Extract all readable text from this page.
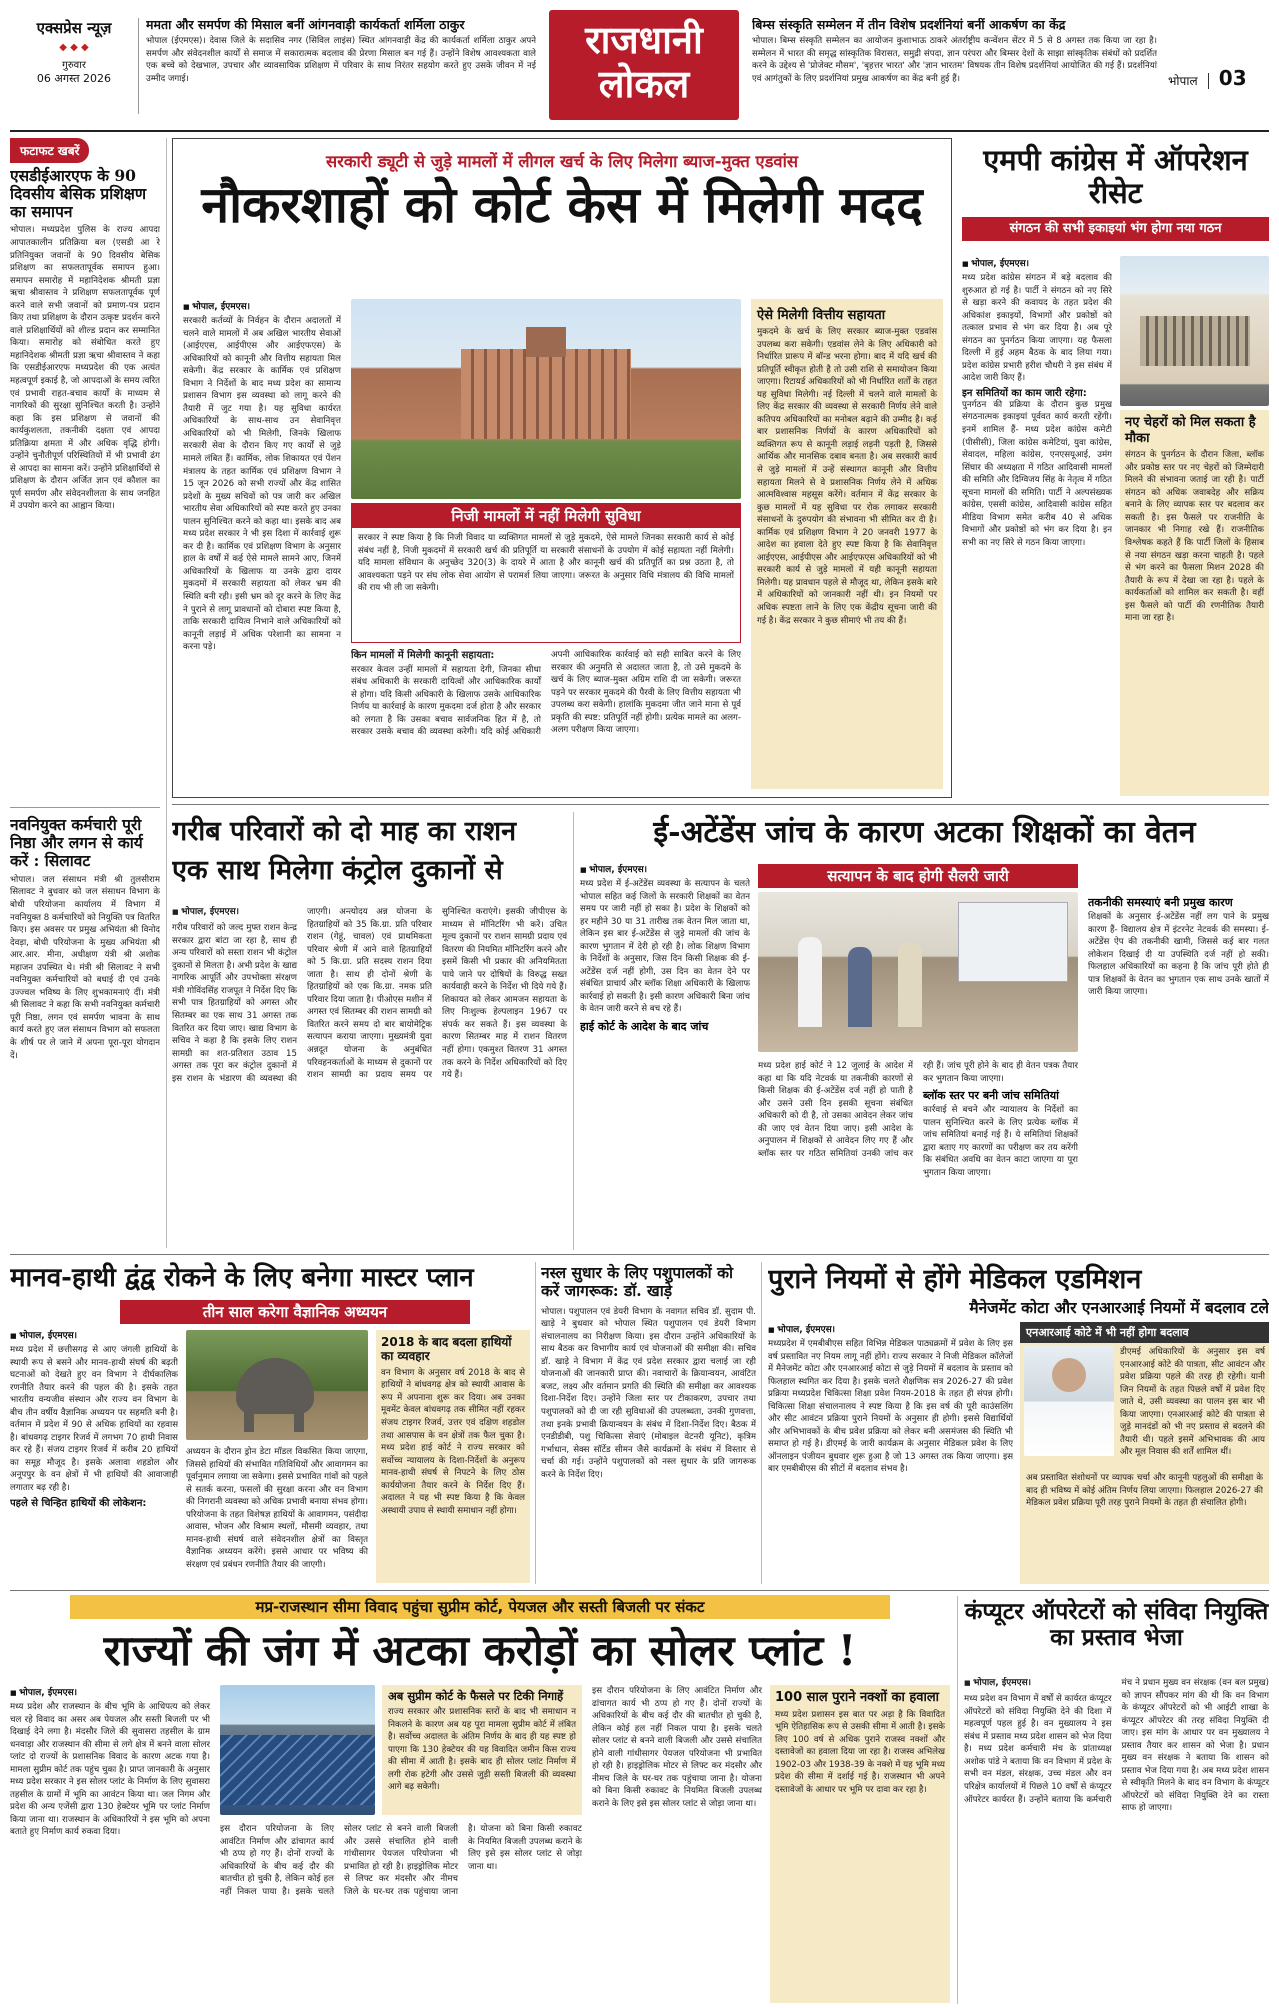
एक्सप्रेस न्यूज़
◆ ◆ ◆
गुरुवार
06 अगस्त 2026
ममता और समर्पण की मिसाल बनीं आंगनवाड़ी कार्यकर्ता शर्मिला ठाकुर
भोपाल (ईएमएस)। देवास जिले के सदासिव नगर (सिविल लाइंस) स्थित आंगनवाड़ी केंद्र की कार्यकर्ता शर्मिला ठाकुर अपने समर्पण और संवेदनशील कार्यों से समाज में सकारात्मक बदलाव की प्रेरणा मिसाल बन गई हैं। उन्होंने विशेष आवश्यकता वाले एक बच्चे को देखभाल, उपचार और व्यावसायिक प्रशिक्षण में परिवार के साथ निरंतर सहयोग करते हुए उसके जीवन में नई उम्मीद जगाई।
राजधानी
लोकल
बिम्स संस्कृति सम्मेलन में तीन विशेष प्रदर्शनियां बनीं आकर्षण का केंद्र
भोपाल। बिम्स संस्कृति सम्मेलन का आयोजन कुशाभाऊ ठाकरे अंतर्राष्ट्रीय कन्वेंशन सेंटर में 5 से 8 अगस्त तक किया जा रहा है। सम्मेलन में भारत की समृद्ध सांस्कृतिक विरासत, समुद्री संपदा, ज्ञान परंपरा और बिम्सर देशों के साझा सांस्कृतिक संबंधों को प्रदर्शित करने के उद्देश्य से 'प्रोजेक्ट मौसम', 'बृहत्तर भारत' और 'ज्ञान भारतम' विषयक तीन विशेष प्रदर्शनियां आयोजित की गई हैं। प्रदर्शनियां एवं आगंतुकों के लिए प्रदर्शनियां प्रमुख आकर्षण का केंद्र बनी हुई हैं।	भोपाल 03
फटाफट खबरें
एसडीईआरएफ के 90 दिवसीय बेसिक प्रशिक्षण का समापन
भोपाल। मध्यप्रदेश पुलिस के राज्य आपदा आपातकालीन प्रतिक्रिया बल (एसडी आ रे प्रतिनियुक्त जवानों के 90 दिवसीय बेसिक प्रशिक्षण का सफलतापूर्वक समापन हुआ। समापन समारोह में महानिदेशक श्रीमती प्रज्ञा ऋचा श्रीवास्तव ने प्रशिक्षण सफलतापूर्वक पूर्ण करने वाले सभी जवानों को प्रमाण-पत्र प्रदान किए तथा प्रशिक्षण के दौरान उत्कृष्ट प्रदर्शन करने वाले प्रशिक्षार्थियों को शील्ड प्रदान कर सम्मानित किया। समारोह को संबोधित करते हुए महानिदेशक श्रीमती प्रज्ञा ऋचा श्रीवास्तव ने कहा कि एसडीईआरएफ मध्यप्रदेश की एक अत्यंत महत्वपूर्ण इकाई है, जो आपदाओं के समय त्वरित एवं प्रभावी राहत-बचाव कार्यों के माध्यम से नागरिकों की सुरक्षा सुनिश्चित करती है। उन्होंने कहा कि इस प्रशिक्षण से जवानों की कार्यकुशलता, तकनीकी दक्षता एवं आपदा प्रतिक्रिया क्षमता में और अधिक वृद्धि होगी। उन्होंने चुनौतीपूर्ण परिस्थितियों में भी प्रभावी ढंग से आपदा का सामना करें। उन्होंने प्रशिक्षार्थियों से प्रशिक्षण के दौरान अर्जित ज्ञान एवं कौशल का पूर्ण समर्पण और संवेदनशीलता के साथ जनहित में उपयोग करने का आह्वान किया।
नवनियुक्त कर्मचारी पूरी निष्ठा और लगन से कार्य करें : सिलावट
भोपाल। जल संसाधन मंत्री श्री तुलसीराम सिलावट ने बुधवार को जल संसाधन विभाग के बोधी परियोजना कार्यालय में विभाग में नवनियुक्त 8 कर्मचारियों को नियुक्ति पत्र वितरित किए। इस अवसर पर प्रमुख अभियंता श्री विनोद देवड़ा, बोधी परियोजना के मुख्य अभियंता श्री आर.आर. मीना, अधीक्षण यंत्री श्री अशोक महाजन उपस्थित थे। मंत्री श्री सिलावट ने सभी नवनियुक्त कर्मचारियों को बधाई दी एवं उनके उज्ज्वल भविष्य के लिए शुभकामनाएं दीं। मंत्री श्री सिलावट ने कहा कि सभी नवनियुक्त कर्मचारी पूरी निष्ठा, लगन एवं समर्पण भावना के साथ कार्य करते हुए जल संसाधन विभाग को सफलता के शीर्ष पर ले जाने में अपना पूरा-पूरा योगदान दें।
सरकारी ड्यूटी से जुड़े मामलों में लीगल खर्च के लिए मिलेगा ब्याज-मुक्त एडवांस
नौकरशाहों को कोर्ट केस में मिलेगी मदद
■ भोपाल, ईएमएस।
सरकारी कर्तव्यों के निर्वहन के दौरान अदालतों में चलने वाले मामलों में अब अखिल भारतीय सेवाओं (आईएएस, आईपीएस और आईएफएस) के अधिकारियों को कानूनी और वित्तीय सहायता मिल सकेगी। केंद्र सरकार के कार्मिक एवं प्रशिक्षण विभाग ने निर्देशों के बाद मध्य प्रदेश का सामान्य प्रशासन विभाग इस व्यवस्था को लागू करने की तैयारी में जुट गया है। यह सुविधा कार्यरत अधिकारियों के साथ-साथ उन सेवानिवृत्त अधिकारियों को भी मिलेगी, जिनके खिलाफ सरकारी सेवा के दौरान किए गए कार्यों से जुड़े मामले लंबित हैं। कार्मिक, लोक शिकायत एवं पेंशन मंत्रालय के तहत कार्मिक एवं प्रशिक्षण विभाग ने 15 जून 2026 को सभी राज्यों और केंद्र शासित प्रदेशों के मुख्य सचिवों को पत्र जारी कर अखिल भारतीय सेवा अधिकारियों को स्पष्ट करते हुए उनका पालन सुनिश्चित करने को कहा था। इसके बाद अब मध्य प्रदेश सरकार ने भी इस दिशा में कार्रवाई शुरू कर दी है। कार्मिक एवं प्रशिक्षण विभाग के अनुसार हाल के वर्षों में कई ऐसे मामले सामने आए, जिनमें अधिकारियों के खिलाफ या उनके द्वारा दायर मुकदमों में सरकारी सहायता को लेकर भ्रम की स्थिति बनी रही। इसी भ्रम को दूर करने के लिए केंद्र ने पुराने से लागू प्रावधानों को दोबारा स्पष्ट किया है, ताकि सरकारी दायित्व निभाने वाले अधिकारियों को कानूनी लड़ाई में अधिक परेशानी का सामना न करना पड़े।
निजी मामलों में नहीं मिलेगी सुविधा
सरकार ने स्पष्ट किया है कि निजी विवाद या व्यक्तिगत मामलों से जुड़े मुकदमे, ऐसे मामले जिनका सरकारी कार्य से कोई संबंध नहीं है, निजी मुकदमों में सरकारी खर्च की प्रतिपूर्ति या सरकारी संसाधनों के उपयोग में कोई सहायता नहीं मिलेगी। यदि मामला संविधान के अनुच्छेद 320(3) के दायरे में आता है और कानूनी खर्च की प्रतिपूर्ति का प्रश्न उठता है, तो आवश्यकता पड़ने पर संघ लोक सेवा आयोग से परामर्श लिया जाएगा। जरूरत के अनुसार विधि मंत्रालय की विधि मामलों की राय भी ली जा सकेगी।
किन मामलों में मिलेगी कानूनी सहायता:
सरकार केवल उन्हीं मामलों में सहायता देगी, जिनका सीधा संबंध अधिकारी के सरकारी दायित्वों और आधिकारिक कार्यों से होगा। यदि किसी अधिकारी के खिलाफ उसके आधिकारिक निर्णय या कार्रवाई के कारण मुकदमा दर्ज होता है और सरकार को लगता है कि उसका बचाव सार्वजनिक हित में है, तो सरकार उसके बचाव की व्यवस्था करेगी। यदि कोई अधिकारी अपनी आधिकारिक कार्रवाई को सही साबित करने के लिए सरकार की अनुमति से अदालत जाता है, तो उसे मुकदमे के खर्च के लिए ब्याज-मुक्त अग्रिम राशि दी जा सकेगी। जरूरत पड़ने पर सरकार मुकदमे की पैरवी के लिए वित्तीय सहायता भी उपलब्ध करा सकेगी। हालांकि मुकदमा जीत जाने माना से पूर्व प्रकृति की स्पष्ट: प्रतिपूर्ति नहीं होगी। प्रत्येक मामले का अलग-अलग परीक्षण किया जाएगा।
ऐसे मिलेगी वित्तीय सहायता
मुकदमे के खर्च के लिए सरकार ब्याज-मुक्त एडवांस उपलब्ध करा सकेगी। एडवांस लेने के लिए अधिकारी को निर्धारित प्रारूप में बॉन्ड भरना होगा। बाद में यदि खर्च की प्रतिपूर्ति स्वीकृत होती है तो उसी राशि से समायोजन किया जाएगा। रिटायर्ड अधिकारियों को भी निर्धारित शर्तों के तहत यह सुविधा मिलेगी। नई दिल्ली में चलने वाले मामलों के लिए केंद्र सरकार की व्यवस्था से सरकारी निर्णय लेने वाले कतिपय अधिकारियों का मनोबल बढ़ाने की उम्मीद है। कई बार प्रशासनिक निर्णयों के कारण अधिकारियों को व्यक्तिगत रूप से कानूनी लड़ाई लड़नी पड़ती है, जिससे आर्थिक और मानसिक दबाव बनता है। अब सरकारी कार्य से जुड़े मामलों में उन्हें संस्थागत कानूनी और वित्तीय सहायता मिलने से वे प्रशासनिक निर्णय लेने में अधिक आत्मविश्वास महसूस करेंगे। वर्तमान में केंद्र सरकार के कुछ मामलों में यह सुविधा पर रोक लगाकर सरकारी संसाधनों के दुरुपयोग की संभावना भी सीमित कर दी है। कार्मिक एवं प्रशिक्षण विभाग ने 20 जनवरी 1977 के आदेश का हवाला देते हुए स्पष्ट किया है कि सेवानिवृत्त आईएएस, आईपीएस और आईएफएस अधिकारियों को भी सरकारी कार्य से जुड़े मामलों में यही कानूनी सहायता मिलेगी। यह प्रावधान पहले से मौजूद था, लेकिन इसके बारे में अधिकारियों को जानकारी नहीं थी। इन नियमों पर अधिक स्पष्टता लाने के लिए एक केंद्रीय सूचना जारी की गई है। केंद्र सरकार ने कुछ सीमाएं भी तय की हैं।
एमपी कांग्रेस में ऑपरेशन रीसेट
संगठन की सभी इकाइयां भंग होगा नया गठन
■ भोपाल, ईएमएस।
मध्य प्रदेश कांग्रेस संगठन में बड़े बदलाव की शुरुआत हो गई है। पार्टी ने संगठन को नए सिरे से खड़ा करने की कवायद के तहत प्रदेश की अधिकांश इकाइयों, विभागों और प्रकोष्ठों को तत्काल प्रभाव से भंग कर दिया है। अब पूरे संगठन का पुनर्गठन किया जाएगा। यह फैसला दिल्ली में हुई अहम बैठक के बाद लिया गया। प्रदेश कांग्रेस प्रभारी हरीश चौधरी ने इस संबंध में आदेश जारी किए हैं।
इन समितियों का काम जारी रहेगा:
पुनर्गठन की प्रक्रिया के दौरान कुछ प्रमुख संगठनात्मक इकाइयां पूर्ववत कार्य करती रहेंगी। इनमें शामिल हैं- मध्य प्रदेश कांग्रेस कमेटी (पीसीसी), जिला कांग्रेस कमेटियां, युवा कांग्रेस, सेवादल, महिला कांग्रेस, एनएसयूआई, उमंग सिंघार की अध्यक्षता में गठित आदिवासी मामलों की समिति और दिग्विजय सिंह के नेतृत्व में गठित सूचना मामलों की समिति। पार्टी ने अल्पसंख्यक कांग्रेस, एससी कांग्रेस, आदिवासी कांग्रेस सहित मीडिया विभाग समेत करीब 40 से अधिक विभागों और प्रकोष्ठों को भंग कर दिया है। इन सभी का नए सिरे से गठन किया जाएगा।
नए चेहरों को मिल सकता है मौका
संगठन के पुनर्गठन के दौरान जिला, ब्लॉक और प्रकोष्ठ स्तर पर नए चेहरों को जिम्मेदारी मिलने की संभावना जताई जा रही है। पार्टी संगठन को अधिक जवाबदेह और सक्रिय बनाने के लिए व्यापक स्तर पर बदलाव कर सकती है। इस फैसले पर राजनीति के जानकार भी निगाह रखे हैं। राजनीतिक विश्लेषक कहते हैं कि पार्टी जिलों के हिसाब से नया संगठन खड़ा करना चाहती है। पहले से भंग करने का फैसला मिशन 2028 की तैयारी के रूप में देखा जा रहा है। पहले के कार्यकर्ताओं को शामिल कर सकती है। वहीं इस फैसले को पार्टी की रणनीतिक तैयारी माना जा रहा है।
गरीब परिवारों को दो माह का राशन
एक साथ मिलेगा कंट्रोल दुकानों से
■ भोपाल, ईएमएस।
गरीब परिवारों को जल्द मुफ्त राशन केन्द्र सरकार द्वारा बांटा जा रहा है, साथ ही अन्य परिवारों को सस्ता राशन भी कंट्रोल दुकानों से मिलता है। अभी प्रदेश के खाद्य नागरिक आपूर्ति और उपभोक्ता संरक्षण मंत्री गोविंदसिंह राजपूत ने निर्देश दिए कि सभी पात्र हितग्राहियों को अगस्त और सितम्बर का एक साथ 31 अगस्त तक वितरित कर दिया जाए। खाद्य विभाग के सचिव ने कहा है कि इसके लिए राशन सामग्री का शत-प्रतिशत उठाव 15 अगस्त तक पूरा कर कंट्रोल दुकानों में इस राशन के भंडारण की व्यवस्था की जाएगी। अन्त्योदय अन्न योजना के हितग्राहियों को 35 कि.ग्रा. प्रति परिवार राशन (गेहूं, चावल) एवं प्राथमिकता परिवार श्रेणी में आने वाले हितग्राहियों को 5 कि.ग्रा. प्रति सदस्य राशन दिया जाता है। साथ ही दोनों श्रेणी के हितग्राहियों को एक कि.ग्रा. नमक प्रति परिवार दिया जाता है। पीओएस मशीन में अगस्त एवं सितम्बर की राशन सामग्री को वितरित करने समय दो बार बायोमेट्रिक सत्यापन कराया जाएगा। मुख्यमंत्री युवा अन्नदूत योजना के अनुबंधित परिवहनकर्ताओं के माध्यम से दुकानों पर राशन सामग्री का प्रदाय समय पर सुनिश्चित कराएंगे। इसकी जीपीएस के माध्यम से मॉनिटरिंग भी करें। उचित मूल्य दुकानों पर राशन सामग्री प्रदाय एवं वितरण की नियमित मॉनिटरिंग करने और इसमें किसी भी प्रकार की अनियमितता पाये जाने पर दोषियों के विरुद्ध सख्त कार्यवाही करने के निर्देश भी दिये गये हैं। शिकायत को लेकर आमजन सहायता के लिए निःशुल्क हेल्पलाइन 1967 पर संपर्क कर सकते हैं। इस व्यवस्था के कारण सितम्बर माह में राशन वितरण नहीं होगा। एकमुश्त वितरण 31 अगस्त तक करने के निर्देश अधिकारियों को दिए गये हैं।
ई-अटेंडेंस जांच के कारण अटका शिक्षकों का वेतन
■ भोपाल, ईएमएस।
मध्य प्रदेश में ई-अटेंडेंस व्यवस्था के सत्यापन के चलते भोपाल सहित कई जिलों के सरकारी शिक्षकों का वेतन समय पर जारी नहीं हो सका है। प्रदेश के शिक्षकों को हर महीने 30 या 31 तारीख तक वेतन मिल जाता था, लेकिन इस बार ई-अटेंडेंस से जुड़े मामलों की जांच के कारण भुगतान में देरी हो रही है। लोक शिक्षण विभाग के निर्देशों के अनुसार, जिस दिन किसी शिक्षक की ई-अटेंडेंस दर्ज नहीं होगी, उस दिन का वेतन देने पर संबंधित प्राचार्य और ब्लॉक शिक्षा अधिकारी के खिलाफ कार्रवाई हो सकती है। इसी कारण अधिकारी बिना जांच के वेतन जारी करने से बच रहे हैं।
हाई कोर्ट के आदेश के बाद जांच
सत्यापन के बाद होगी सैलरी जारी
मध्य प्रदेश हाई कोर्ट ने 12 जुलाई के आदेश में कहा था कि यदि नेटवर्क या तकनीकी कारणों से किसी शिक्षक की ई-अटेंडेंस दर्ज नहीं हो पाती है और उसने उसी दिन इसकी सूचना संबंधित अधिकारी को दी है, तो उसका आवेदन लेकर जांच की जाए एवं वेतन दिया जाए। इसी आदेश के अनुपालन में शिक्षकों से आवेदन लिए गए हैं और ब्लॉक स्तर पर गठित समितियां उनकी जांच कर रही हैं। जांच पूरी होने के बाद ही वेतन पत्रक तैयार कर भुगतान किया जाएगा।
ब्लॉक स्तर पर बनी जांच समितियां
कार्रवाई से बचने और न्यायालय के निर्देशों का पालन सुनिश्चित करने के लिए प्रत्येक ब्लॉक में जांच समितियां बनाई गई हैं। ये समितियां शिक्षकों द्वारा बताए गए कारणों का परीक्षण कर तय करेंगी कि संबंधित अवधि का वेतन काटा जाएगा या पूरा भुगतान किया जाएगा।
तकनीकी समस्याएं बनी प्रमुख कारण
शिक्षकों के अनुसार ई-अटेंडेंस नहीं लग पाने के प्रमुख कारण हैं- विद्यालय क्षेत्र में इंटरनेट नेटवर्क की समस्या। ई-अटेंडेंस ऐप की तकनीकी खामी, जिससे कई बार गलत लोकेशन दिखाई दी या उपस्थिति दर्ज नहीं हो सकी। फिलहाल अधिकारियों का कहना है कि जांच पूरी होते ही पात्र शिक्षकों के वेतन का भुगतान एक साथ उनके खातों में जारी किया जाएगा।
मानव-हाथी द्वंद्व रोकने के लिए बनेगा मास्टर प्लान
तीन साल करेगा वैज्ञानिक अध्ययन
■ भोपाल, ईएमएस।
मध्य प्रदेश में छत्तीसगढ़ से आए जंगली हाथियों के स्थायी रूप से बसने और मानव-हाथी संघर्ष की बढ़ती घटनाओं को देखते हुए वन विभाग ने दीर्घकालिक रणनीति तैयार करने की पहल की है। इसके तहत भारतीय वन्यजीव संस्थान और राज्य वन विभाग के बीच तीन वर्षीय वैज्ञानिक अध्ययन पर सहमति बनी है। वर्तमान में प्रदेश में 90 से अधिक हाथियों का रहवास है। बांधवगढ़ टाइगर रिजर्व में लगभग 70 हाथी निवास कर रहे हैं। संजय टाइगर रिजर्व में करीब 20 हाथियों का समूह मौजूद है। इसके अलावा शहडोल और अनूपपुर के वन क्षेत्रों में भी हाथियों की आवाजाही लगातार बढ़ रही है।
पहले से चिन्हित हाथियों की लोकेशन:
अध्ययन के दौरान ड्रोन डेटा मॉडल विकसित किया जाएगा, जिससे हाथियों की संभावित गतिविधियों और आवागमन का पूर्वानुमान लगाया जा सकेगा। इससे प्रभावित गांवों को पहले से सतर्क करना, फसलों की सुरक्षा करना और वन विभाग की निगरानी व्यवस्था को अधिक प्रभावी बनाया संभव होगा। परियोजना के तहत विशेषज्ञ हाथियों के आवागमन, पसंदीदा आवास, भोजन और विश्राम स्थलों, मौसमी व्यवहार, तथा मानव-हाथी संघर्ष वाले संवेदनशील क्षेत्रों का विस्तृत वैज्ञानिक अध्ययन करेंगे। इससे आधार पर भविष्य की संरक्षण एवं प्रबंधन रणनीति तैयार की जाएगी।
2018 के बाद बदला हाथियों का व्यवहार
वन विभाग के अनुसार वर्ष 2018 के बाद से हाथियों ने बांधवगढ़ क्षेत्र को स्थायी आवास के रूप में अपनाना शुरू कर दिया। अब उनका मूवमेंट केवल बांधवगढ़ तक सीमित नहीं रहकर संजय टाइगर रिजर्व, उत्तर एवं दक्षिण शहडोल तथा आसपास के वन क्षेत्रों तक फैल चुका है। मध्य प्रदेश हाई कोर्ट ने राज्य सरकार को सर्वोच्च न्यायालय के दिशा-निर्देशों के अनुरूप मानव-हाथी संघर्ष से निपटने के लिए ठोस कार्ययोजना तैयार करने के निर्देश दिए हैं। अदालत ने यह भी स्पष्ट किया है कि केवल अस्थायी उपाय से स्थायी समाधान नहीं होगा।
नस्ल सुधार के लिए पशुपालकों को करें जागरूक: डॉ. खाड़े
भोपाल। पशुपालन एवं डेयरी विभाग के नवागत सचिव डॉ. सुदाम पी. खाड़े ने बुधवार को भोपाल स्थित पशुपालन एवं डेयरी विभाग संचालनालय का निरीक्षण किया। इस दौरान उन्होंने अधिकारियों के साथ बैठक कर विभागीय कार्य एवं योजनाओं की समीक्षा की। सचिव डॉ. खाड़े ने विभाग में केंद्र एवं प्रदेश सरकार द्वारा चलाई जा रही योजनाओं की जानकारी प्राप्त की। नवाचारों के क्रियान्वयन, आवंटित बजट, लक्ष्य और वर्तमान प्रगति की स्थिति की समीक्षा कर आवश्यक दिशा-निर्देश दिए। उन्होंने जिला स्तर पर टीकाकरण, उपचार तथा पशुपालकों को दी जा रही सुविधाओं की उपलब्धता, उनकी गुणवत्ता, तथा इनके प्रभावी क्रियान्वयन के संबंध में दिशा-निर्देश दिए। बैठक में एनडीडीबी, पशु चिकित्सा सेवाएं (मोबाइल वेटनरी यूनिट), कृत्रिम गर्भाधान, सेक्स सॉर्टेड सीमन जैसे कार्यक्रमों के संबंध में विस्तार से चर्चा की गई। उन्होंने पशुपालकों को नस्ल सुधार के प्रति जागरूक करने के निर्देश दिए।
पुराने नियमों से होंगे मेडिकल एडमिशन
मैनेजमेंट कोटा और एनआरआई नियमों में बदलाव टले
■ भोपाल, ईएमएस।
मध्यप्रदेश में एमबीबीएस सहित विभिन्न मेडिकल पाठ्यक्रमों में प्रवेश के लिए इस वर्ष प्रस्तावित नए नियम लागू नहीं होंगे। राज्य सरकार ने निजी मेडिकल कॉलेजों में मैनेजमेंट कोटा और एनआरआई कोटा से जुड़े नियमों में बदलाव के प्रस्ताव को फिलहाल स्थगित कर दिया है। इसके चलते शैक्षणिक सत्र 2026-27 की प्रवेश प्रक्रिया मध्यप्रदेश चिकित्सा शिक्षा प्रवेश नियम-2018 के तहत ही संपन्न होगी। चिकित्सा शिक्षा संचालनालय ने स्पष्ट किया है कि इस वर्ष की पूरी काउंसलिंग और सीट आवंटन प्रक्रिया पुराने नियमों के अनुसार ही होगी। इससे विद्यार्थियों और अभिभावकों के बीच प्रवेश प्रक्रिया को लेकर बनी असमंजस की स्थिति भी समाप्त हो गई है। डीएमई के जारी कार्यक्रम के अनुसार मेडिकल प्रवेश के लिए ऑनलाइन पंजीयन बुधवार शुरू हुआ है जो 13 अगस्त तक किया जाएगा। इस बार एमबीबीएस की सीटों में बदलाव संभव है।
एनआरआई कोटे में भी नहीं होगा बदलाव
डीएमई अधिकारियों के अनुसार इस वर्ष एनआरआई कोटे की पात्रता, सीट आवंटन और प्रवेश प्रक्रिया पहले की तरह ही रहेगी। यानी जिन नियमों के तहत पिछले वर्षों में प्रवेश दिए जाते थे, उसी व्यवस्था का पालन इस बार भी किया जाएगा। एनआरआई कोटे की पात्रता से जुड़े मानदंडों को भी नए प्रस्ताव से बदलने की तैयारी थी। पहले इसमें अभिभावक की आय और मूल निवास की शर्तें शामिल थीं।
अब प्रस्तावित संशोधनों पर व्यापक चर्चा और कानूनी पहलुओं की समीक्षा के बाद ही भविष्य में कोई अंतिम निर्णय लिया जाएगा। फिलहाल 2026-27 की मेडिकल प्रवेश प्रक्रिया पूरी तरह पुराने नियमों के तहत ही संचालित होगी।
मप्र-राजस्थान सीमा विवाद पहुंचा सुप्रीम कोर्ट, पेयजल और सस्ती बिजली पर संकट
राज्यों की जंग में अटका करोड़ों का सोलर प्लांट !
■ भोपाल, ईएमएस।
मध्य प्रदेश और राजस्थान के बीच भूमि के आधिपत्य को लेकर चल रहे विवाद का असर अब पेयजल और सस्ती बिजली पर भी दिखाई देने लगा है। मंदसौर जिले की सुवासरा तहसील के ग्राम धनवाड़ा और राजस्थान की सीमा से लगे क्षेत्र में बनने वाला सोलर प्लांट दो राज्यों के प्रशासनिक विवाद के कारण अटक गया है। मामला सुप्रीम कोर्ट तक पहुंच चुका है। प्राप्त जानकारी के अनुसार मध्य प्रदेश सरकार ने इस सोलर प्लांट के निर्माण के लिए सुवासरा तहसील के ग्रामों में भूमि का आवंटन किया था। जल निगम और प्रदेश की अन्य एजेंसी द्वारा 130 हेक्टेयर भूमि पर प्लांट निर्माण किया जाना था। राजस्थान के अधिकारियों ने इस भूमि को अपना बताते हुए निर्माण कार्य रुकवा दिया।
अब सुप्रीम कोर्ट के फैसले पर टिकी निगाहें
राज्य सरकार और प्रशासनिक स्तरों के बाद भी समाधान न निकलने के कारण अब यह पूरा मामला सुप्रीम कोर्ट में लंबित है। सर्वोच्च अदालत के अंतिम निर्णय के बाद ही यह स्पष्ट हो पाएगा कि 130 हेक्टेयर की यह विवादित जमीन किस राज्य की सीमा में आती है। इसके बाद ही सोलर प्लांट निर्माण में लगी रोक हटेगी और उससे जुड़ी सस्ती बिजली की व्यवस्था आगे बढ़ सकेगी।
इस दौरान परियोजना के लिए आवंटित निर्माण और ढांचागत कार्य भी ठप्प हो गए हैं। दोनों राज्यों के अधिकारियों के बीच कई दौर की बातचीत हो चुकी है, लेकिन कोई हल नहीं निकल पाया है। इसके चलते सोलर प्लांट से बनने वाली बिजली और उससे संचालित होने वाली गांधीसागर पेयजल परियोजना भी प्रभावित हो रही है। हाइड्रोलिक मोटर से लिफ्ट कर मंदसौर और नीमच जिले के घर-घर तक पहुंचाया जाना है। योजना को बिना किसी रुकावट के नियमित बिजली उपलब्ध कराने के लिए इसे इस सोलर प्लांट से जोड़ा जाना था।
इस दौरान परियोजना के लिए आवंटित निर्माण और ढांचागत कार्य भी ठप्प हो गए हैं। दोनों राज्यों के अधिकारियों के बीच कई दौर की बातचीत हो चुकी है, लेकिन कोई हल नहीं निकल पाया है। इसके चलते सोलर प्लांट से बनने वाली बिजली और उससे संचालित होने वाली गांधीसागर पेयजल परियोजना भी प्रभावित हो रही है। हाइड्रोलिक मोटर से लिफ्ट कर मंदसौर और नीमच जिले के घर-घर तक पहुंचाया जाना है। योजना को बिना किसी रुकावट के नियमित बिजली उपलब्ध कराने के लिए इसे इस सोलर प्लांट से जोड़ा जाना था।
100 साल पुराने नक्शों का हवाला
मध्य प्रदेश प्रशासन इस बात पर अड़ा है कि विवादित भूमि ऐतिहासिक रूप से उसकी सीमा में आती है। इसके लिए 100 वर्ष से अधिक पुराने राजस्व नक्शों और दस्तावेजों का हवाला दिया जा रहा है। राजस्व अभिलेख 1902-03 और 1938-39 के नक्शे में यह भूमि मध्य प्रदेश की सीमा में दर्शाई गई है। राजस्थान भी अपने दस्तावेजों के आधार पर भूमि पर दावा कर रहा है।
कंप्यूटर ऑपरेटरों को संविदा नियुक्ति का प्रस्ताव भेजा
■ भोपाल, ईएमएस।
मध्य प्रदेश वन विभाग में वर्षों से कार्यरत कंप्यूटर ऑपरेटरों को संविदा नियुक्ति देने की दिशा में महत्वपूर्ण पहल हुई है। वन मुख्यालय ने इस संबंध में प्रस्ताव मध्य प्रदेश शासन को भेज दिया है। मध्य प्रदेश कर्मचारी मंच के प्रांताध्यक्ष अशोक पांडे ने बताया कि वन विभाग में प्रदेश के सभी वन मंडल, संरक्षक, उच्च मंडल और वन परिक्षेत्र कार्यालयों में पिछले 10 वर्षों से कंप्यूटर ऑपरेटर कार्यरत हैं। उन्होंने बताया कि कर्मचारी मंच ने प्रधान मुख्य वन संरक्षक (वन बल प्रमुख) को ज्ञापन सौंपकर मांग की थी कि वन विभाग के कंप्यूटर ऑपरेटरों को भी आईटी शाखा के कंप्यूटर ऑपरेटर की तरह संविदा नियुक्ति दी जाए। इस मांग के आधार पर वन मुख्यालय ने प्रस्ताव तैयार कर शासन को भेजा है। प्रधान मुख्य वन संरक्षक ने बताया कि शासन को प्रस्ताव भेज दिया गया है। अब मध्य प्रदेश शासन से स्वीकृति मिलने के बाद वन विभाग के कंप्यूटर ऑपरेटरों को संविदा नियुक्ति देने का रास्ता साफ हो जाएगा।
